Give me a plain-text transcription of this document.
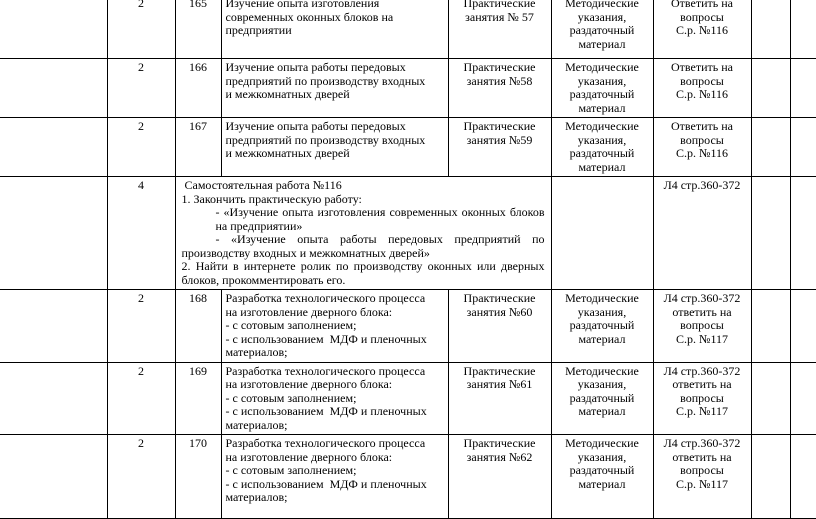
	2	165	Изучение опыта изготовления
современных оконных блоков на
предприятии	Практические
занятия № 57	Методические
указания,
раздаточный
материал	Ответить на
вопросы
С.р. №116		

	2	166	Изучение опыта работы передовых
предприятий по производству входных
и межкомнатных дверей	Практические
занятия №58	Методические
указания,
раздаточный
материал	Ответить на
вопросы
С.р. №116		

	2	167	Изучение опыта работы передовых
предприятий по производству входных
и межкомнатных дверей	Практические
занятия №59	Методические
указания,
раздаточный
материал	Ответить на
вопросы
С.р. №116		

	4	Самостоятельная работа №116
1. Закончить практическую работу:
- «Изучение опыта изготовления современных оконных блоков на предприятии»
- «Изучение опыта работы передовых предприятий по производству входных и межкомнатных дверей»
2. Найти в интернете ролик по производству оконных или дверных блоков, прокомментировать его.				Л4 стр.360-372		
	2	168	Разработка технологического процесса
на изготовление дверного блока:
- с сотовым заполнением;
- с использованием  МДФ и пленочных
материалов;	Практические
занятия №60	Методические
указания,
раздаточный
материал	Л4 стр.360-372
ответить на
вопросы
С.р. №117		

	2	169	Разработка технологического процесса
на изготовление дверного блока:
- с сотовым заполнением;
- с использованием  МДФ и пленочных
материалов;	Практические
занятия №61	Методические
указания,
раздаточный
материал	Л4 стр.360-372
ответить на
вопросы
С.р. №117		

	2	170	Разработка технологического процесса
на изготовление дверного блока:
- с сотовым заполнением;
- с использованием  МДФ и пленочных
материалов;	Практические
занятия №62	Методические
указания,
раздаточный
материал	Л4 стр.360-372
ответить на
вопросы
С.р. №117		
